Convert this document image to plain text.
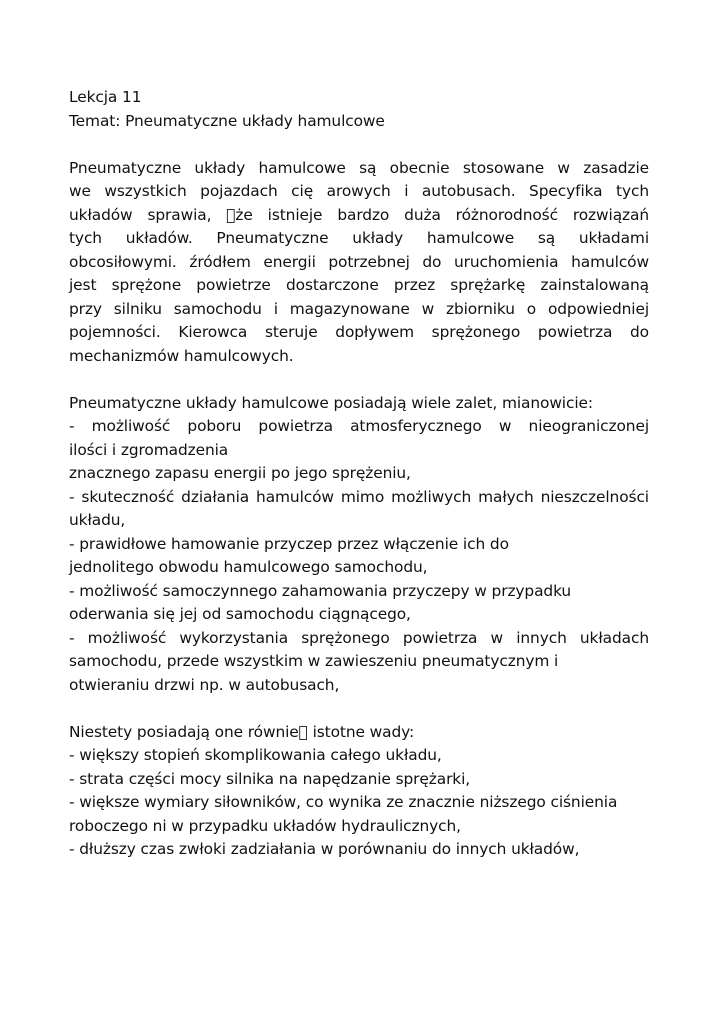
Lekcja 11
Temat: Pneumatyczne układy hamulcowe
Pneumatyczne układy hamulcowe są obecnie stosowane w zasadzie
we wszystkich pojazdach cię arowych i autobusach. Specyfika tych
układów sprawia, że istnieje bardzo duża różnorodność rozwiązań
tych układów. Pneumatyczne układy hamulcowe są układami
obcosiłowymi. źródłem energii potrzebnej do uruchomienia hamulców
jest sprężone powietrze dostarczone przez sprężarkę zainstalowaną
przy silniku samochodu i magazynowane w zbiorniku o odpowiedniej
pojemności. Kierowca steruje dopływem sprężonego powietrza do
mechanizmów hamulcowych.
Pneumatyczne układy hamulcowe posiadają wiele zalet, mianowicie:
- możliwość poboru powietrza atmosferycznego w nieograniczonej
ilości i zgromadzenia
znacznego zapasu energii po jego sprężeniu,
- skuteczność działania hamulców mimo możliwych małych nieszczelności
układu,
- prawidłowe hamowanie przyczep przez włączenie ich do
jednolitego obwodu hamulcowego samochodu,
- możliwość samoczynnego zahamowania przyczepy w przypadku
oderwania się jej od samochodu ciągnącego,
- możliwość wykorzystania sprężonego powietrza w innych układach
samochodu, przede wszystkim w zawieszeniu pneumatycznym i
otwieraniu drzwi np. w autobusach,
Niestety posiadają one równie istotne wady:
- większy stopień skomplikowania całego układu,
- strata części mocy silnika na napędzanie sprężarki,
- większe wymiary siłowników, co wynika ze znacznie niższego ciśnienia
roboczego ni w przypadku układów hydraulicznych,
- dłuższy czas zwłoki zadziałania w porównaniu do innych układów,
